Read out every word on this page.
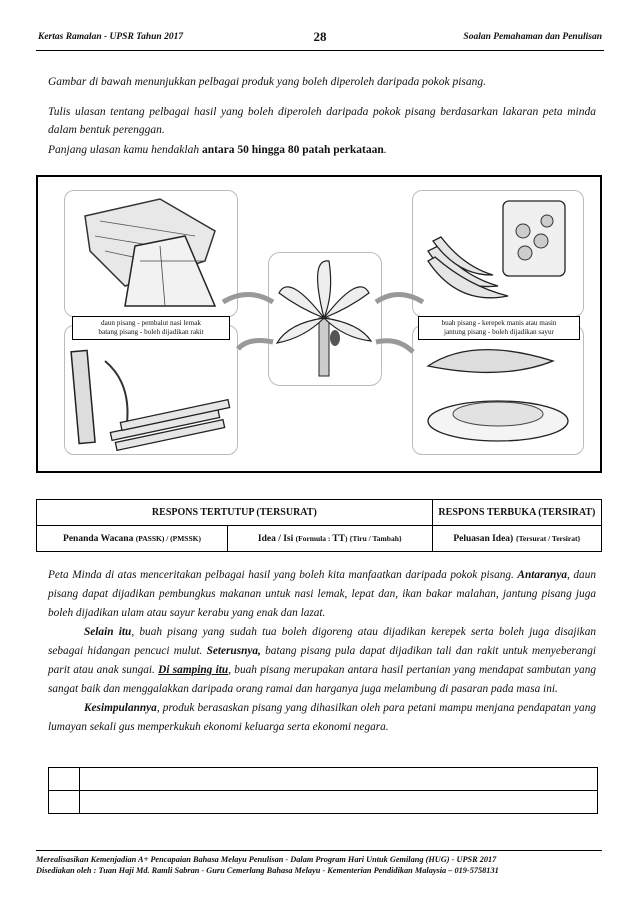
Kertas Ramalan - UPSR Tahun 2017	28	Soalan Pemahaman dan Penulisan
Gambar di bawah menunjukkan pelbagai produk yang boleh diperoleh daripada pokok pisang.
Tulis ulasan tentang pelbagai hasil yang boleh diperoleh daripada pokok pisang berdasarkan lakaran peta minda dalam bentuk perenggan.
Panjang ulasan kamu hendaklah antara 50 hingga 80 patah perkataan.
daun pisang - pembalut nasi lemak
batang pisang - boleh dijadikan rakit
buah pisang - kerepek manis atau masin
jantung pisang - boleh dijadikan sayur
RESPONS TERTUTUP (TERSURAT)		RESPONS TERBUKA (TERSIRAT)
Penanda Wacana (PASSK) / (PMSSK)	Idea / Isi (Formula : TT) {Tiru / Tambah}	Peluasan Idea) {Tersurat / Tersirat}

Peta Minda di atas menceritakan pelbagai hasil yang boleh kita manfaatkan daripada pokok pisang. Antaranya, daun pisang dapat dijadikan pembungkus makanan untuk nasi lemak, lepat dan, ikan bakar malahan, jantung pisang juga boleh dijadikan ulam atau sayur kerabu yang enak dan lazat.

Selain itu, buah pisang yang sudah tua boleh digoreng atau dijadikan kerepek serta boleh juga disajikan sebagai hidangan pencuci mulut. Seterusnya, batang pisang pula dapat dijadikan tali dan rakit untuk menyeberangi parit atau anak sungai. Di samping itu, buah pisang merupakan antara hasil pertanian yang mendapat sambutan yang sangat baik dan menggalakkan daripada orang ramai dan harganya juga melambung di pasaran pada masa ini.

Kesimpulannya, produk berasaskan pisang yang dihasilkan oleh para petani mampu menjana pendapatan yang lumayan sekali gus memperkukuh ekonomi keluarga serta ekonomi negara.

Merealisasikan Kemenjadian A+ Pencapaian Bahasa Melayu Penulisan - Dalam Program Hari Untuk Gemilang (HUG) - UPSR 2017
Disediakan oleh : Tuan Haji Md. Ramli Sabran - Guru Cemerlang Bahasa Melayu - Kementerian Pendidikan Malaysia – 019-5758131
